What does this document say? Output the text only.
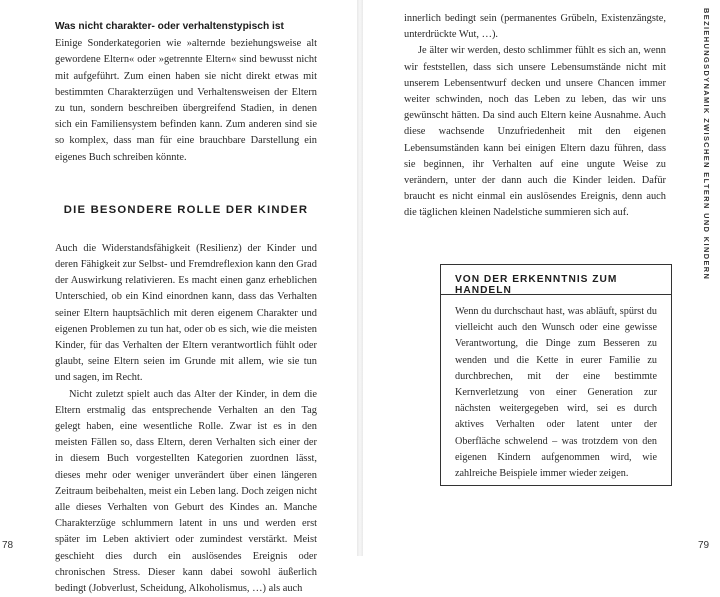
Was nicht charakter- oder verhaltenstypisch ist

Einige Sonderkategorien wie »alternde beziehungsweise alt gewordene Eltern« oder »getrennte Eltern« sind bewusst nicht mit aufgeführt. Zum einen haben sie nicht direkt etwas mit bestimmten Charakterzügen und Verhaltensweisen der Eltern zu tun, sondern beschreiben übergreifend Stadien, in denen sich ein Familiensystem befinden kann. Zum anderen sind sie so komplex, dass man für eine brauchbare Darstellung ein eigenes Buch schreiben könnte.

DIE BESONDERE ROLLE DER KINDER

Auch die Widerstandsfähigkeit (Resilienz) der Kinder und deren Fähigkeit zur Selbst- und Fremdreflexion kann den Grad der Auswirkung relativieren. Es macht einen ganz erheblichen Unterschied, ob ein Kind einordnen kann, dass das Verhalten seiner Eltern hauptsächlich mit deren eigenem Charakter und eigenen Problemen zu tun hat, oder ob es sich, wie die meisten Kinder, für das Verhalten der Eltern verantwortlich fühlt oder glaubt, seine Eltern seien im Grunde mit allem, wie sie tun und sagen, im Recht.

Nicht zuletzt spielt auch das Alter der Kinder, in dem die Eltern erstmalig das entsprechende Verhalten an den Tag gelegt haben, eine wesentliche Rolle. Zwar ist es in den meisten Fällen so, dass Eltern, deren Verhalten sich einer der in diesem Buch vorgestellten Kategorien zuordnen lässt, dieses mehr oder weniger unverändert über einen längeren Zeitraum beibehalten, meist ein Leben lang. Doch zeigen nicht alle dieses Verhalten von Geburt des Kindes an. Manche Charakterzüge schlummern latent in uns und werden erst später im Leben aktiviert oder zumindest verstärkt. Meist geschieht dies durch ein auslösendes Ereignis oder chronischen Stress. Dieser kann dabei sowohl äußerlich bedingt (Jobverlust, Scheidung, Alkoholismus, …) als auch

78

innerlich bedingt sein (permanentes Grübeln, Existenzängste, unterdrückte Wut, …).

Je älter wir werden, desto schlimmer fühlt es sich an, wenn wir feststellen, dass sich unsere Lebensumstände nicht mit unserem Lebensentwurf decken und unsere Chancen immer weiter schwinden, noch das Leben zu leben, das wir uns gewünscht hätten. Da sind auch Eltern keine Ausnahme. Auch diese wachsende Unzufriedenheit mit den eigenen Lebensumständen kann bei einigen Eltern dazu führen, dass sie beginnen, ihr Verhalten auf eine ungute Weise zu verändern, unter der dann auch die Kinder leiden. Dafür braucht es nicht einmal ein auslösendes Ereignis, denn auch die täglichen kleinen Nadelstiche summieren sich auf.

VON DER ERKENNTNIS ZUM HANDELN

Wenn du durchschaut hast, was abläuft, spürst du vielleicht auch den Wunsch oder eine gewisse Verantwortung, die Dinge zum Besseren zu wenden und die Kette in eurer Familie zu durchbrechen, mit der eine bestimmte Kernverletzung von einer Generation zur nächsten weitergegeben wird, sei es durch aktives Verhalten oder latent unter der Oberfläche schwelend – was trotzdem von den eigenen Kindern aufgenommen wird, wie zahlreiche Beispiele immer wieder zeigen.

BEZIEHUNGSDYNAMIK ZWISCHEN ELTERN UND KINDERN
79
